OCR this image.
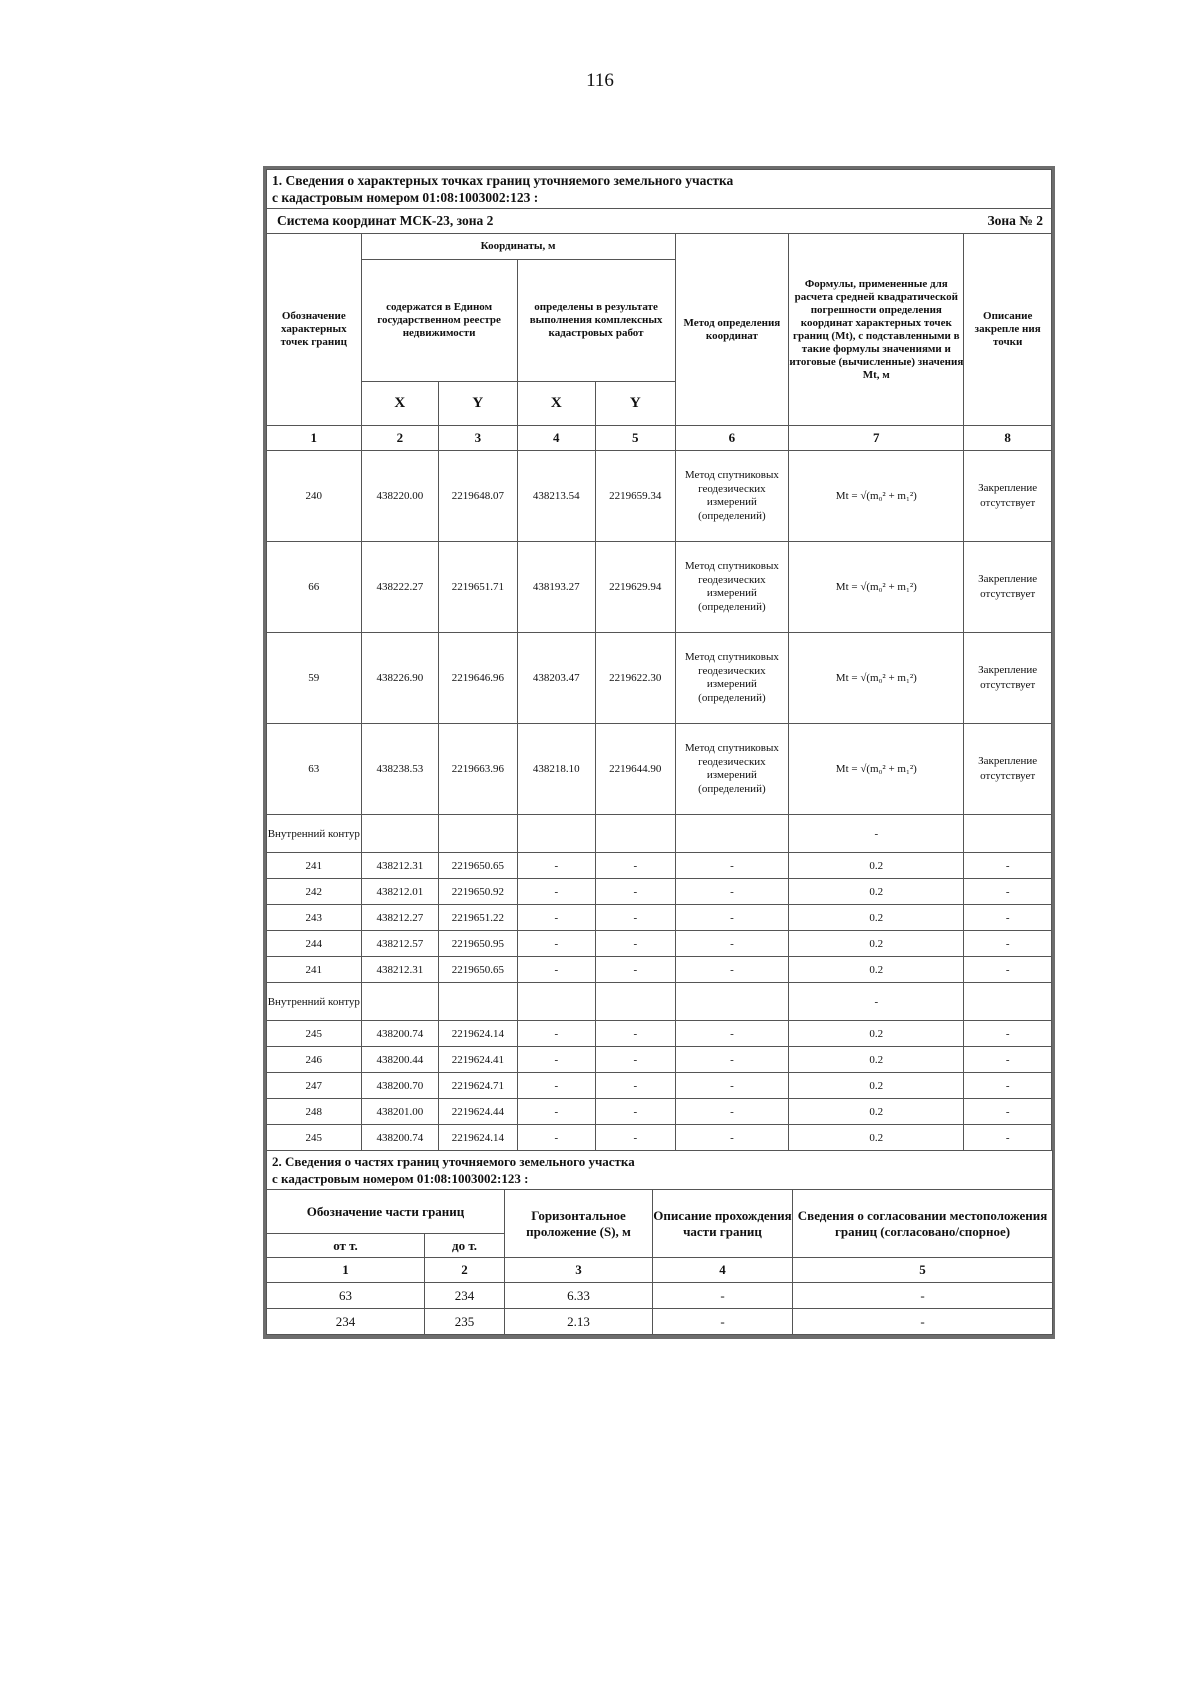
116
1. Сведения о характерных точках границ уточняемого земельного участка
с кадастровым номером 01:08:1003002:123 :							

Система координат МСК-23, зона 2						Зона № 2	
Обозначение характерных точек границ	Координаты, м				Метод определения координат	Формулы, примененные для расчета средней квадратической погрешности определения координат характерных точек границ (Mt), с подставленными в такие формулы значениями и итоговые (вычисленные) значения Mt, м	Описание закрепле ния точки
	содержатся в Едином государственном реестре недвижимости		определены в результате выполнения комплексных кадастровых работ				
	X	Y	X	Y			
1	2	3	4	5	6	7	8
240	438220.00	2219648.07	438213.54	2219659.34	Метод спутниковых геодезических измерений (определений)	Mt = √(m₀² + m₁²)	Закрепление отсутствует
66	438222.27	2219651.71	438193.27	2219629.94	Метод спутниковых геодезических измерений (определений)	Mt = √(m₀² + m₁²)	Закрепление отсутствует
59	438226.90	2219646.96	438203.47	2219622.30	Метод спутниковых геодезических измерений (определений)	Mt = √(m₀² + m₁²)	Закрепление отсутствует
63	438238.53	2219663.96	438218.10	2219644.90	Метод спутниковых геодезических измерений (определений)	Mt = √(m₀² + m₁²)	Закрепление отсутствует
Внутренний контур						-	
241	438212.31	2219650.65	-	-	-	0.2	-
242	438212.01	2219650.92	-	-	-	0.2	-
243	438212.27	2219651.22	-	-	-	0.2	-
244	438212.57	2219650.95	-	-	-	0.2	-
241	438212.31	2219650.65	-	-	-	0.2	-
Внутренний контур						-	
245	438200.74	2219624.14	-	-	-	0.2	-
246	438200.44	2219624.41	-	-	-	0.2	-
247	438200.70	2219624.71	-	-	-	0.2	-
248	438201.00	2219624.44	-	-	-	0.2	-
245	438200.74	2219624.14	-	-	-	0.2	-
2. Сведения о частях границ уточняемого земельного участка
с кадастровым номером 01:08:1003002:123 :				

Обозначение части границ		Горизонтальное проложение (S), м	Описание прохождения части границ	Сведения о согласовании местоположения границ (согласовано/спорное)
от т.	до т.			
1	2	3	4	5
63	234	6.33	-	-
234	235	2.13	-	-
